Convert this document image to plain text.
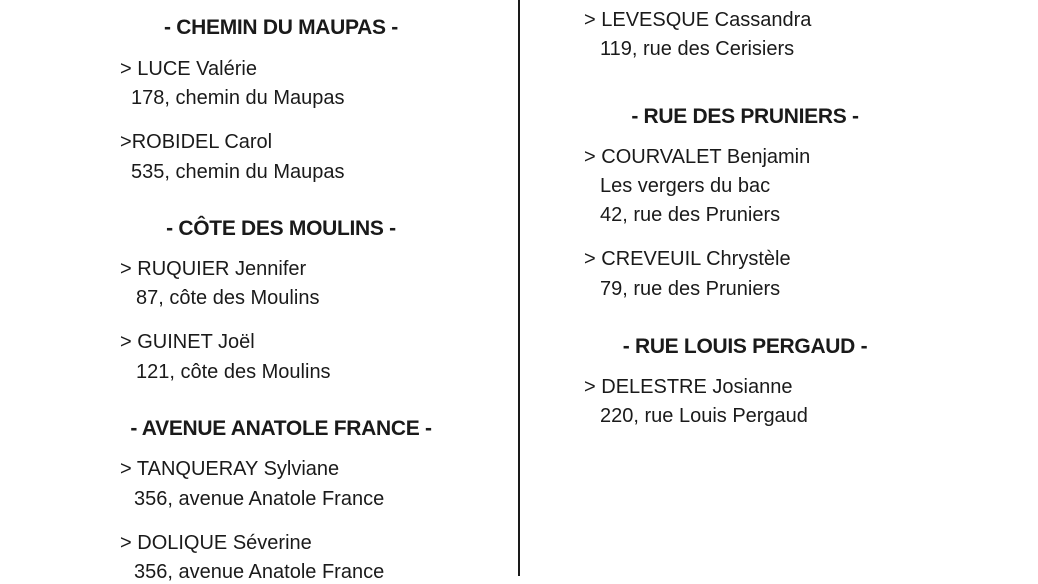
- CHEMIN DU MAUPAS -
> LUCE Valérie
178, chemin du Maupas
>ROBIDEL Carol
535, chemin du Maupas
- CÔTE DES MOULINS -
> RUQUIER Jennifer
87, côte des Moulins
> GUINET Joël
121, côte des Moulins
- AVENUE ANATOLE FRANCE -
> TANQUERAY Sylviane
356, avenue Anatole France
> DOLIQUE Séverine
356, avenue Anatole France
> LEVESQUE Cassandra
119, rue des Cerisiers
- RUE DES PRUNIERS -
> COURVALET Benjamin
Les vergers du bac
42, rue des Pruniers
> CREVEUIL Chrystèle
79, rue des Pruniers
- RUE LOUIS PERGAUD -
> DELESTRE Josianne
220, rue Louis Pergaud
